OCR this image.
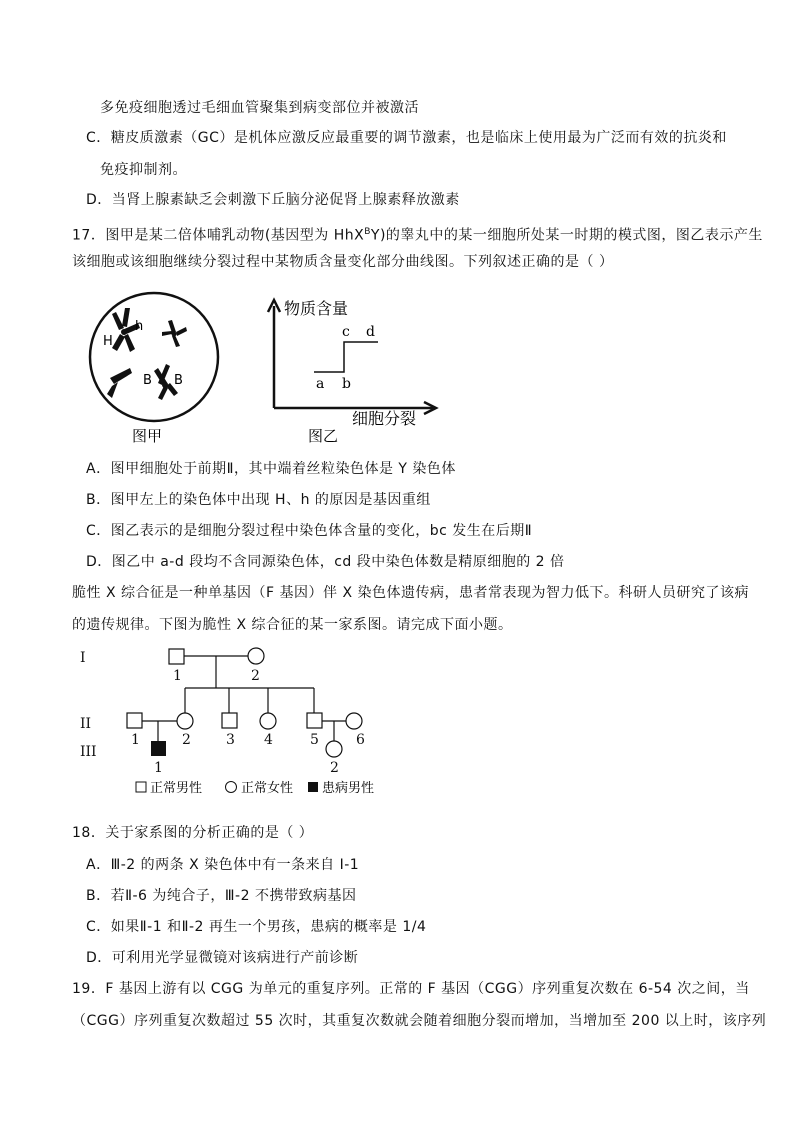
多免疫细胞透过毛细血管聚集到病变部位并被激活
C．糖皮质激素（GC）是机体应激反应最重要的调节激素，也是临床上使用最为广泛而有效的抗炎和
免疫抑制剂。
D．当肾上腺素缺乏会刺激下丘脑分泌促肾上腺素释放激素
17．图甲是某二倍体哺乳动物(基因型为 HhX$^B$Y)的睾丸中的某一细胞所处某一时期的模式图，图乙表示产生
该细胞或该细胞继续分裂过程中某物质含量变化部分曲线图。下列叙述正确的是（ ）
h
H
B B
图甲
物质含量
细胞分裂
a b
c d
图乙
A．图甲细胞处于前期Ⅱ，其中端着丝粒染色体是 Y 染色体
B．图甲左上的染色体中出现 H、h 的原因是基因重组
C．图乙表示的是细胞分裂过程中染色体含量的变化，bc 发生在后期Ⅱ
D．图乙中 a-d 段均不含同源染色体，cd 段中染色体数是精原细胞的 2 倍
脆性 X 综合征是一种单基因（F 基因）伴 X 染色体遗传病，患者常表现为智力低下。科研人员研究了该病
的遗传规律。下图为脆性 X 综合征的某一家系图。请完成下面小题。
I
II
III
1	2
1	2	3 4	5	6
1	2
正常男性	正常女性 患病男性
18．关于家系图的分析正确的是（ ）
A．Ⅲ-2 的两条 X 染色体中有一条来自 I-1
B．若Ⅱ-6 为纯合子，Ⅲ-2 不携带致病基因
C．如果Ⅱ-1 和Ⅱ-2 再生一个男孩，患病的概率是 1/4
D．可利用光学显微镜对该病进行产前诊断
19．F 基因上游有以 CGG 为单元的重复序列。正常的 F 基因（CGG）序列重复次数在 6-54 次之间，当
（CGG）序列重复次数超过 55 次时，其重复次数就会随着细胞分裂而增加，当增加至 200 以上时，该序列
